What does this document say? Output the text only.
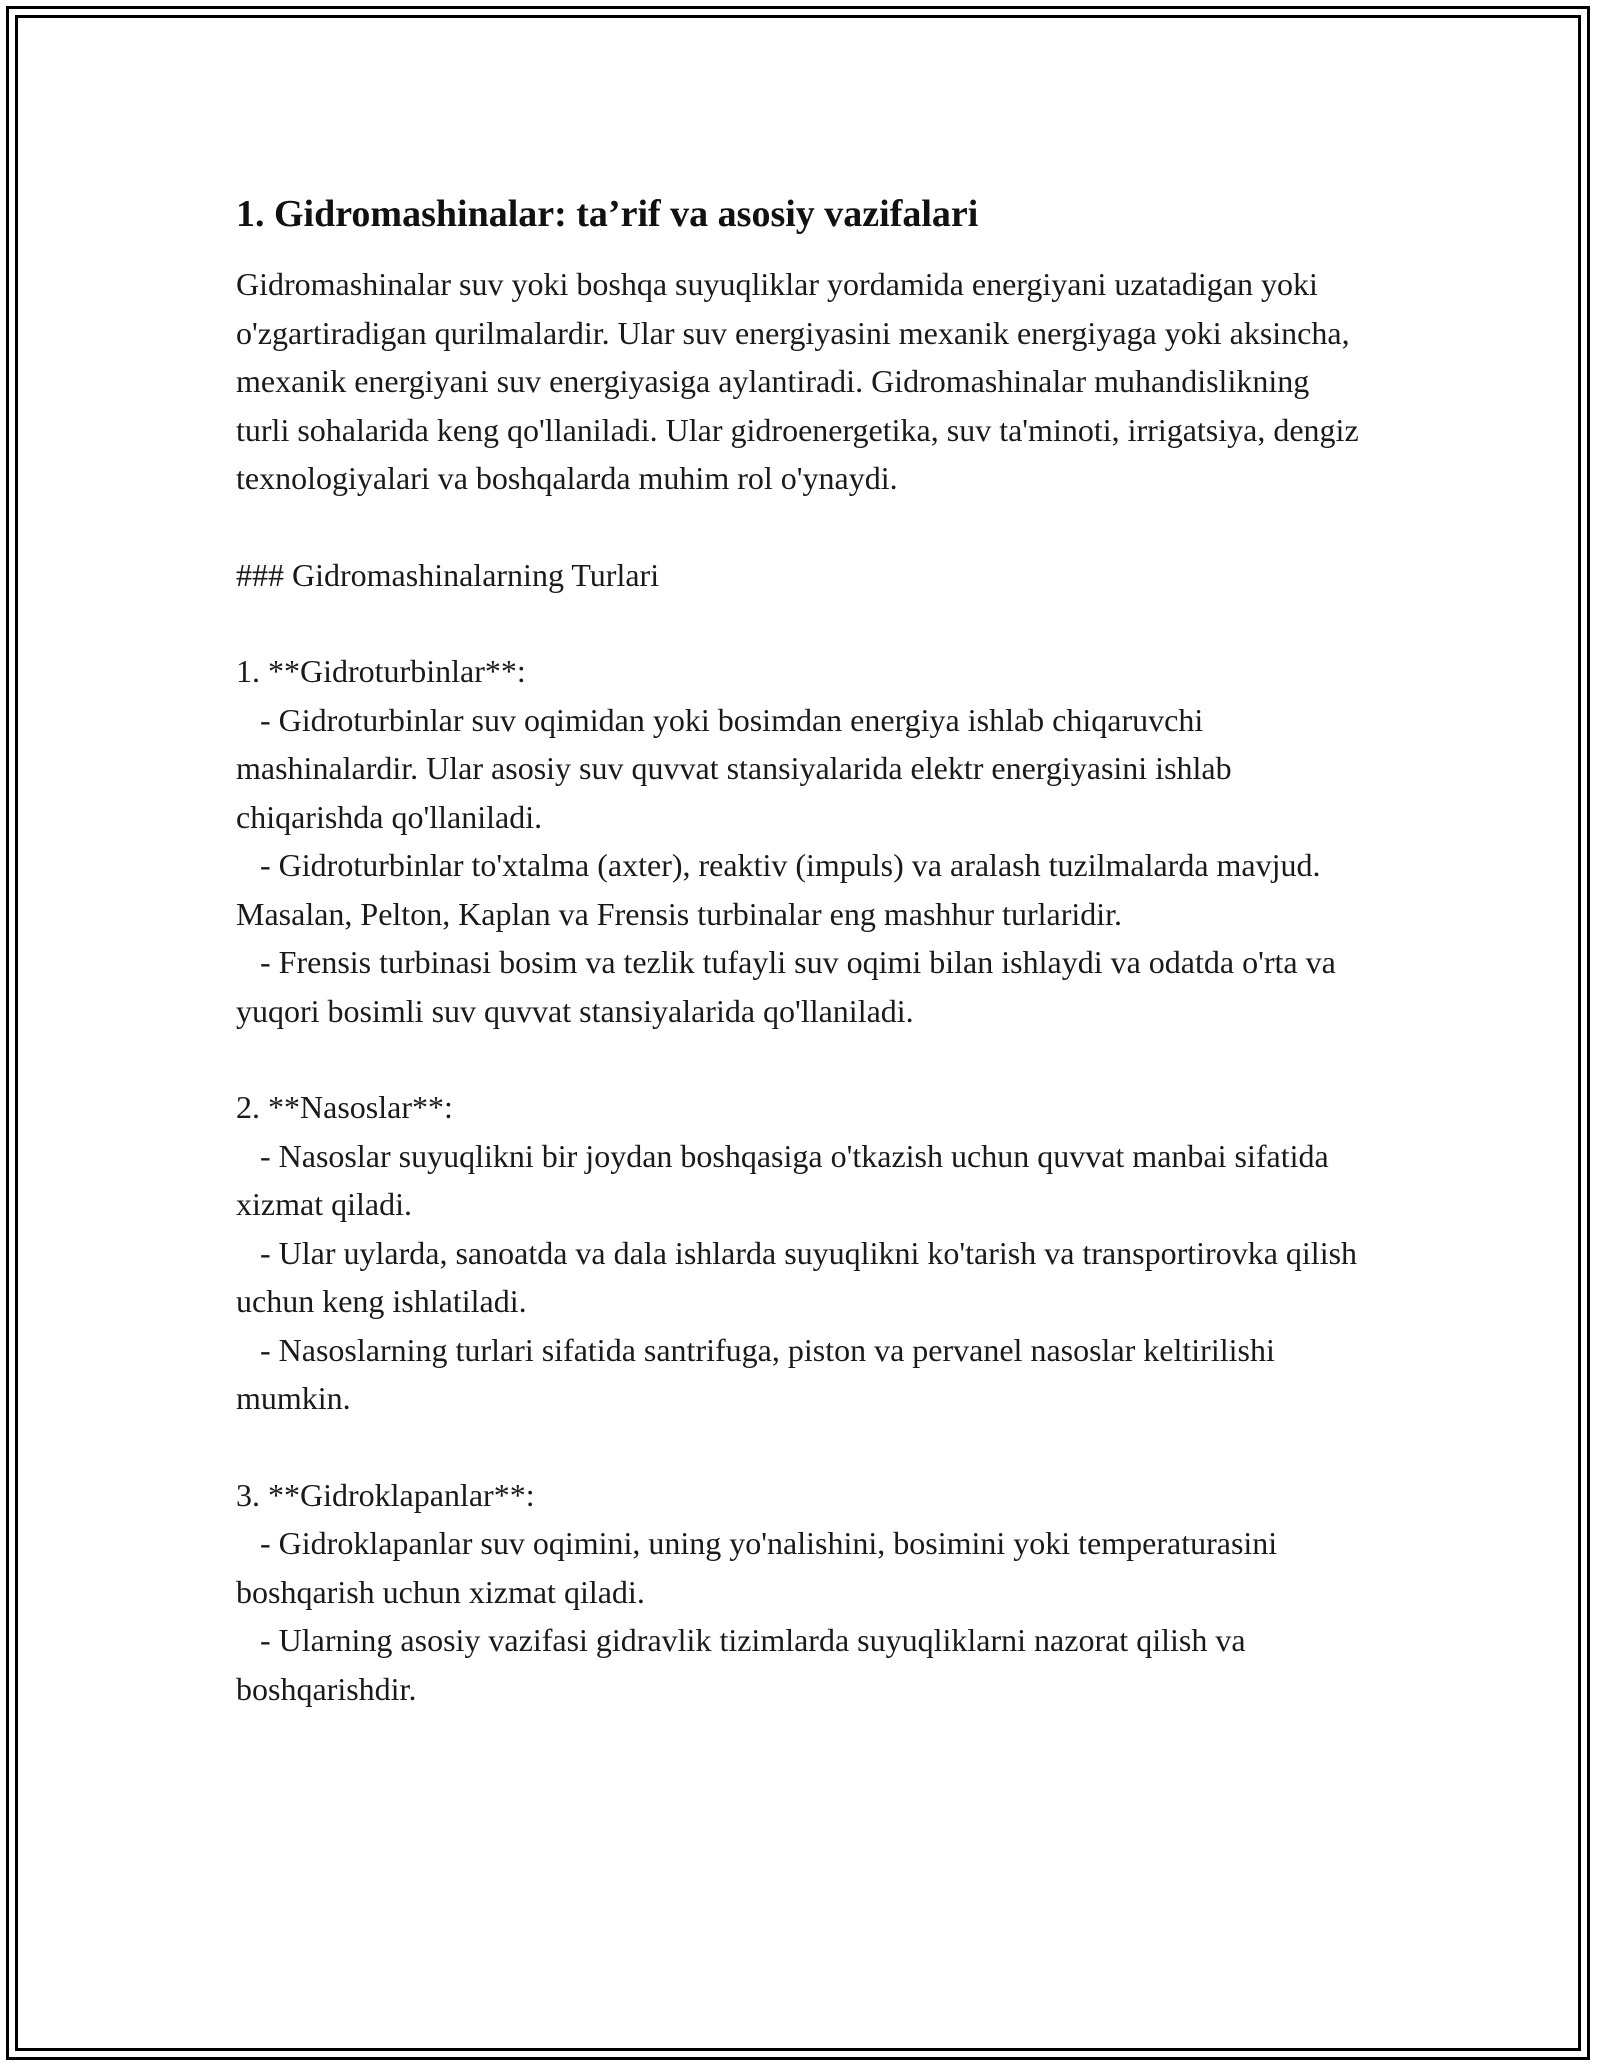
1. Gidromashinalar: ta’rif va asosiy vazifalari

Gidromashinalar suv yoki boshqa suyuqliklar yordamida energiyani uzatadigan yoki o'zgartiradigan qurilmalardir. Ular suv energiyasini mexanik energiyaga yoki aksincha, mexanik energiyani suv energiyasiga aylantiradi. Gidromashinalar muhandislikning turli sohalarida keng qo'llaniladi. Ular gidroenergetika, suv ta'minoti, irrigatsiya, dengiz texnologiyalari va boshqalarda muhim rol o'ynaydi.

### Gidromashinalarning Turlari

1. **Gidroturbinlar**:

- Gidroturbinlar suv oqimidan yoki bosimdan energiya ishlab chiqaruvchi mashinalardir. Ular asosiy suv quvvat stansiyalarida elektr energiyasini ishlab chiqarishda qo'llaniladi.

- Gidroturbinlar to'xtalma (axter), reaktiv (impuls) va aralash tuzilmalarda mavjud. Masalan, Pelton, Kaplan va Frensis turbinalar eng mashhur turlaridir.

- Frensis turbinasi bosim va tezlik tufayli suv oqimi bilan ishlaydi va odatda o'rta va yuqori bosimli suv quvvat stansiyalarida qo'llaniladi.

2. **Nasoslar**:

- Nasoslar suyuqlikni bir joydan boshqasiga o'tkazish uchun quvvat manbai sifatida xizmat qiladi.

- Ular uylarda, sanoatda va dala ishlarda suyuqlikni ko'tarish va transportirovka qilish uchun keng ishlatiladi.

- Nasoslarning turlari sifatida santrifuga, piston va pervanel nasoslar keltirilishi mumkin.

3. **Gidroklapanlar**:

- Gidroklapanlar suv oqimini, uning yo'nalishini, bosimini yoki temperaturasini boshqarish uchun xizmat qiladi.

- Ularning asosiy vazifasi gidravlik tizimlarda suyuqliklarni nazorat qilish va boshqarishdir.
